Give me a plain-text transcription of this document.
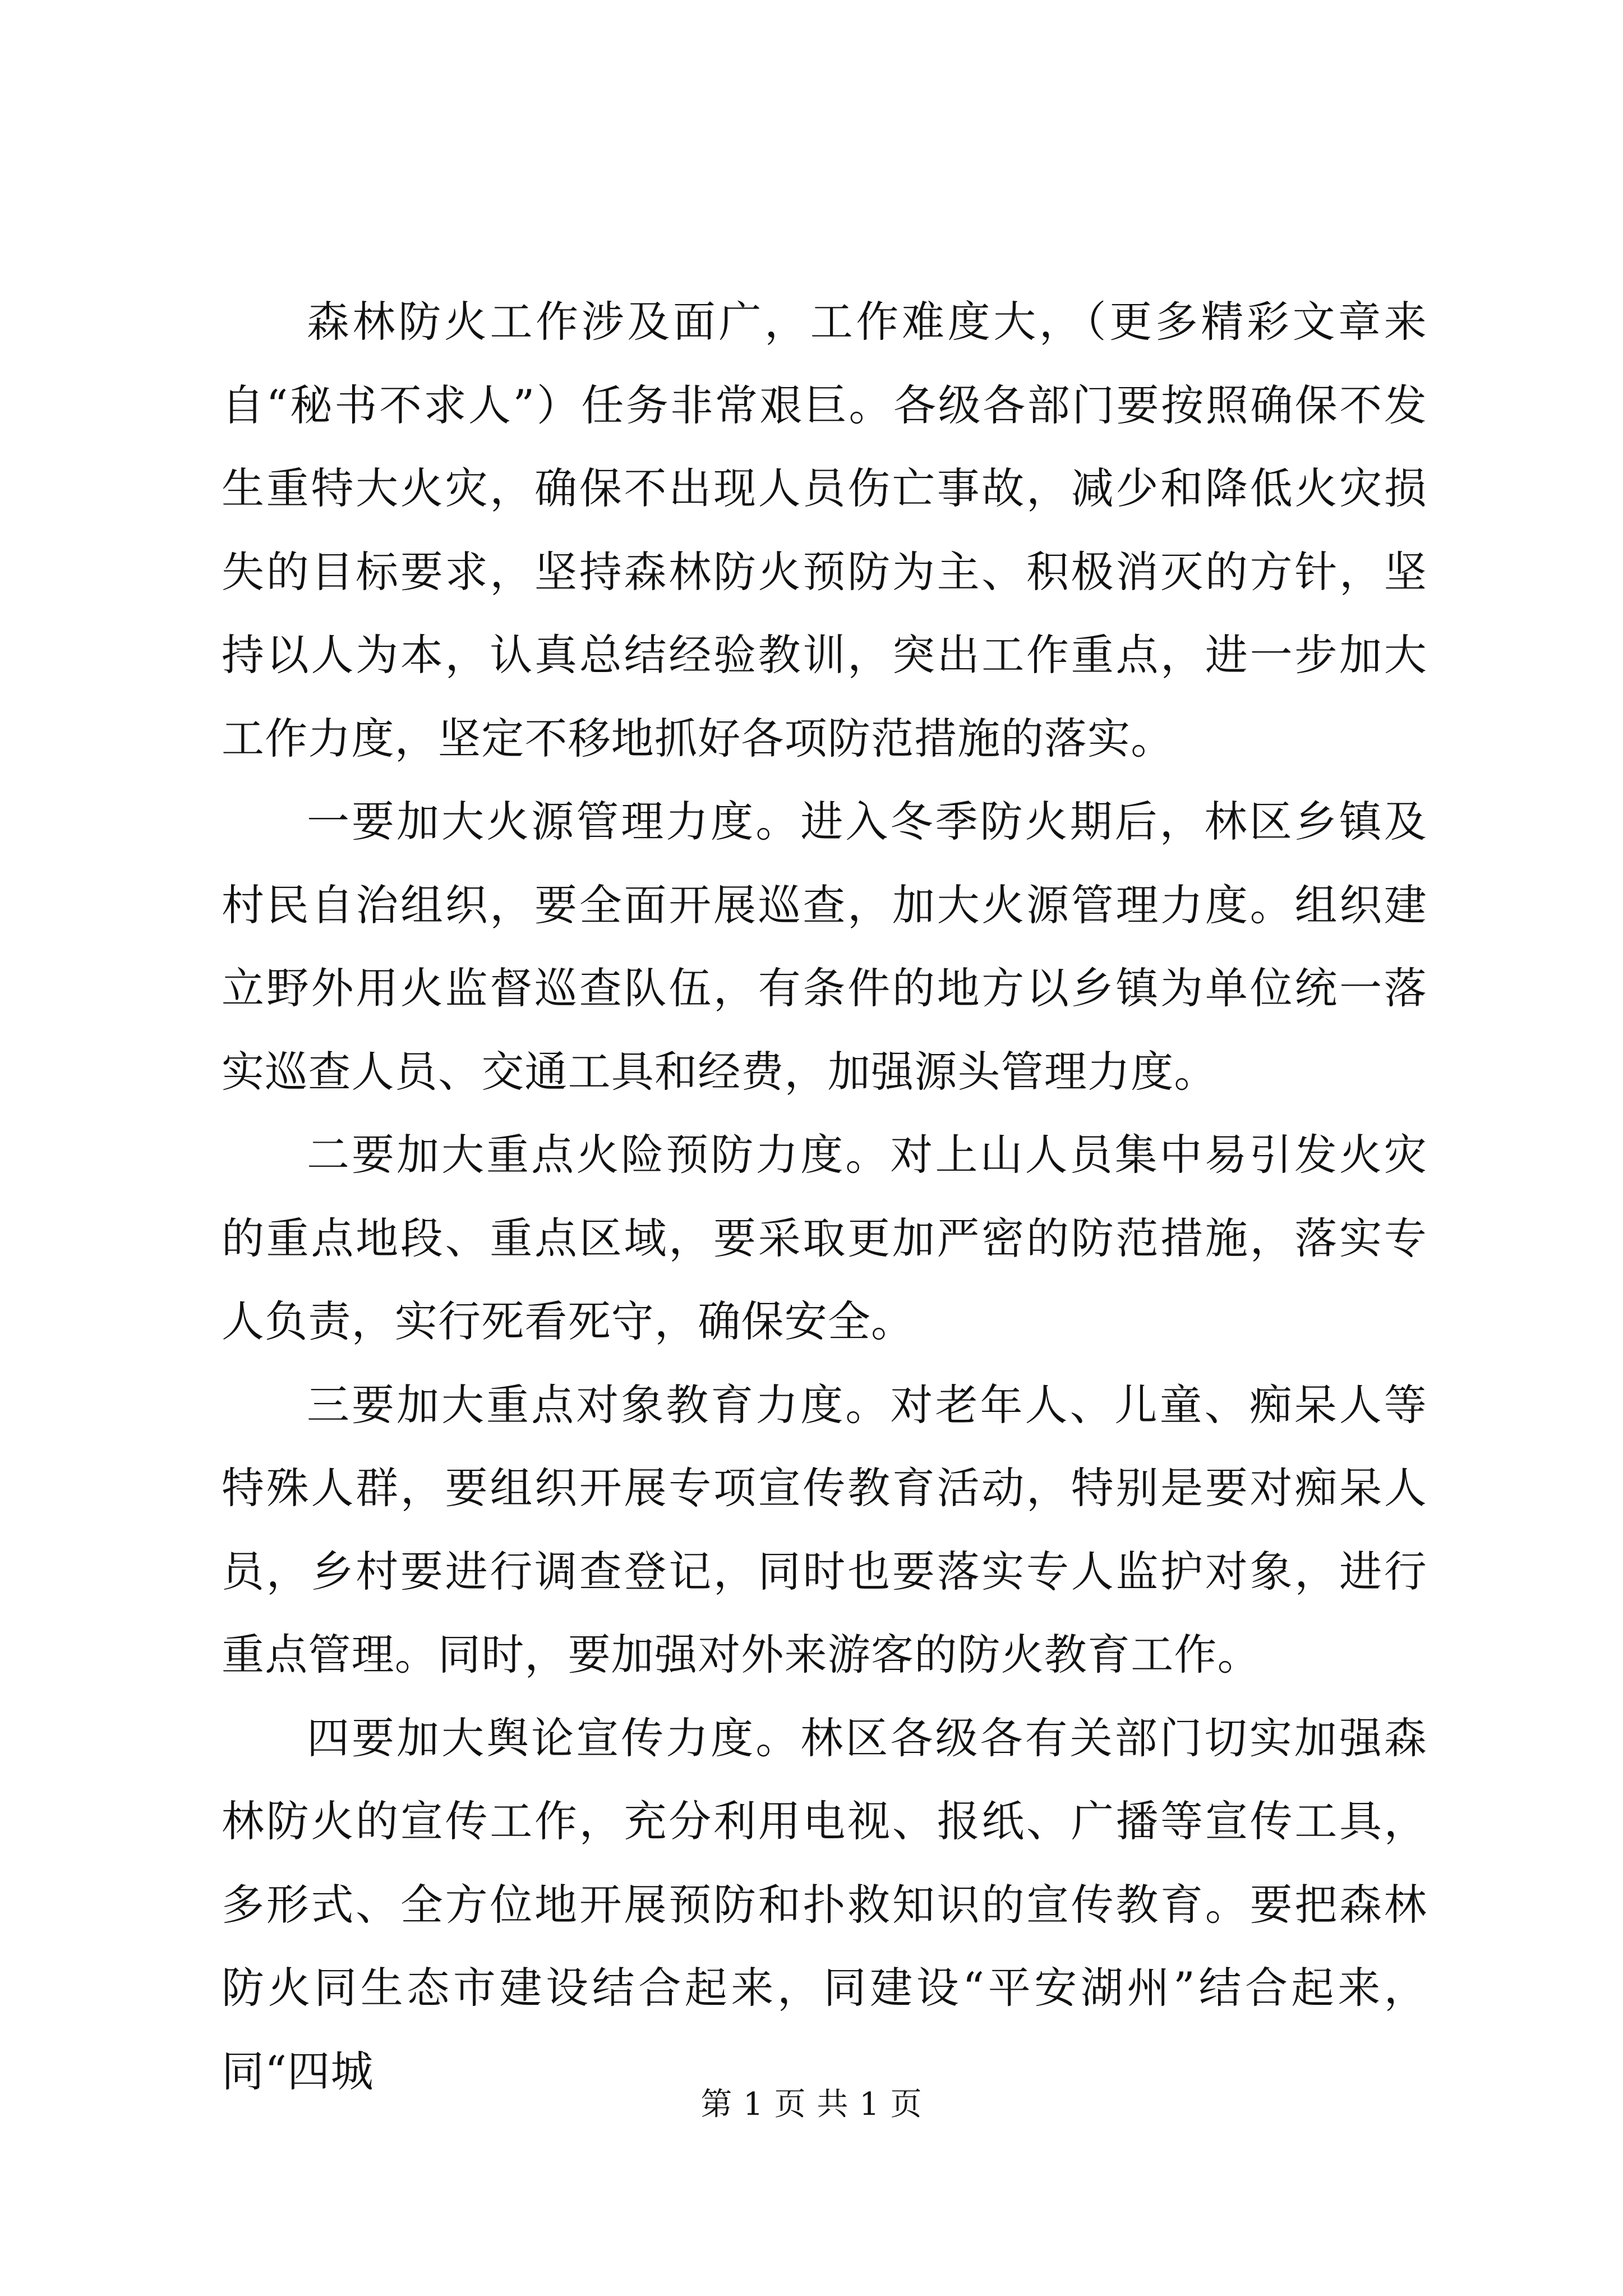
森林防火工作涉及面广，工作难度大，（更多精彩文章来自“秘书不求人”）任务非常艰巨。各级各部门要按照确保不发生重特大火灾，确保不出现人员伤亡事故，减少和降低火灾损失的目标要求，坚持森林防火预防为主、积极消灭的方针，坚持以人为本，认真总结经验教训，突出工作重点，进一步加大工作力度，坚定不移地抓好各项防范措施的落实。

一要加大火源管理力度。进入冬季防火期后，林区乡镇及村民自治组织，要全面开展巡查，加大火源管理力度。组织建立野外用火监督巡查队伍，有条件的地方以乡镇为单位统一落实巡查人员、交通工具和经费，加强源头管理力度。

二要加大重点火险预防力度。对上山人员集中易引发火灾的重点地段、重点区域，要采取更加严密的防范措施，落实专人负责，实行死看死守，确保安全。

三要加大重点对象教育力度。对老年人、儿童、痴呆人等特殊人群，要组织开展专项宣传教育活动，特别是要对痴呆人员，乡村要进行调查登记，同时也要落实专人监护对象，进行重点管理。同时，要加强对外来游客的防火教育工作。

四要加大舆论宣传力度。林区各级各有关部门切实加强森林防火的宣传工作，充分利用电视、报纸、广播等宣传工具，多形式、全方位地开展预防和扑救知识的宣传教育。要把森林防火同生态市建设结合起来，同建设“平安湖州”结合起来，同“四城

第 1 页 共 1 页
